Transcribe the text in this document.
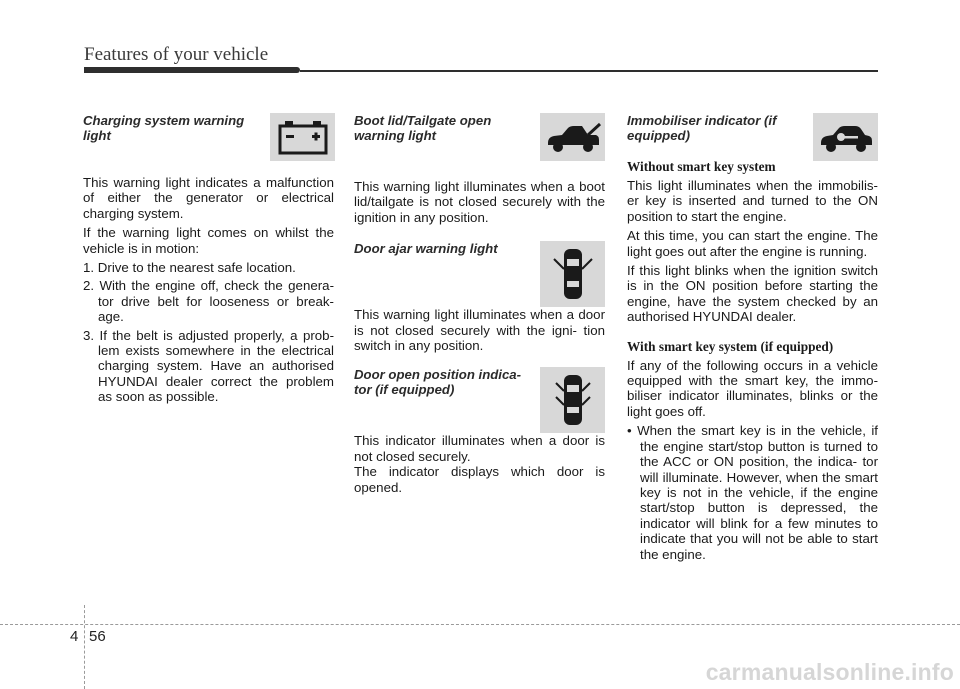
Features of your vehicle
Charging system warning light

This warning light indicates a malfunction of either the generator or electrical charging system.

If the warning light comes on whilst the vehicle is in motion:

1. Drive to the nearest safe location.
2. With the engine off, check the genera- tor drive belt for looseness or break- age.
3. If the belt is adjusted properly, a prob- lem exists somewhere in the electrical charging system. Have an authorised HYUNDAI dealer correct the problem as soon as possible.
Boot lid/Tailgate open warning light

This warning light illuminates when a boot lid/tailgate is not closed securely with the ignition in any position.

Door ajar warning light

This warning light illuminates when a door is not closed securely with the igni- tion switch in any position.

Door open position indica- tor (if equipped)

This indicator illuminates when a door is not closed securely.

The indicator displays which door is opened.

Immobiliser indicator (if equipped)
Without smart key system

This light illuminates when the immobilis- er key is inserted and turned to the ON position to start the engine.

At this time, you can start the engine. The light goes out after the engine is running.

If this light blinks when the ignition switch is in the ON position before starting the engine, have the system checked by an authorised HYUNDAI dealer.

With smart key system (if equipped)

If any of the following occurs in a vehicle equipped with the smart key, the immo- biliser indicator illuminates, blinks or the light goes off.

• When the smart key is in the vehicle, if the engine start/stop button is turned to the ACC or ON position, the indica- tor will illuminate. However, when the smart key is not in the vehicle, if the engine start/stop button is depressed, the indicator will blink for a few minutes to indicate that you will not be able to start the engine.
4 56
carmanualsonline.info
